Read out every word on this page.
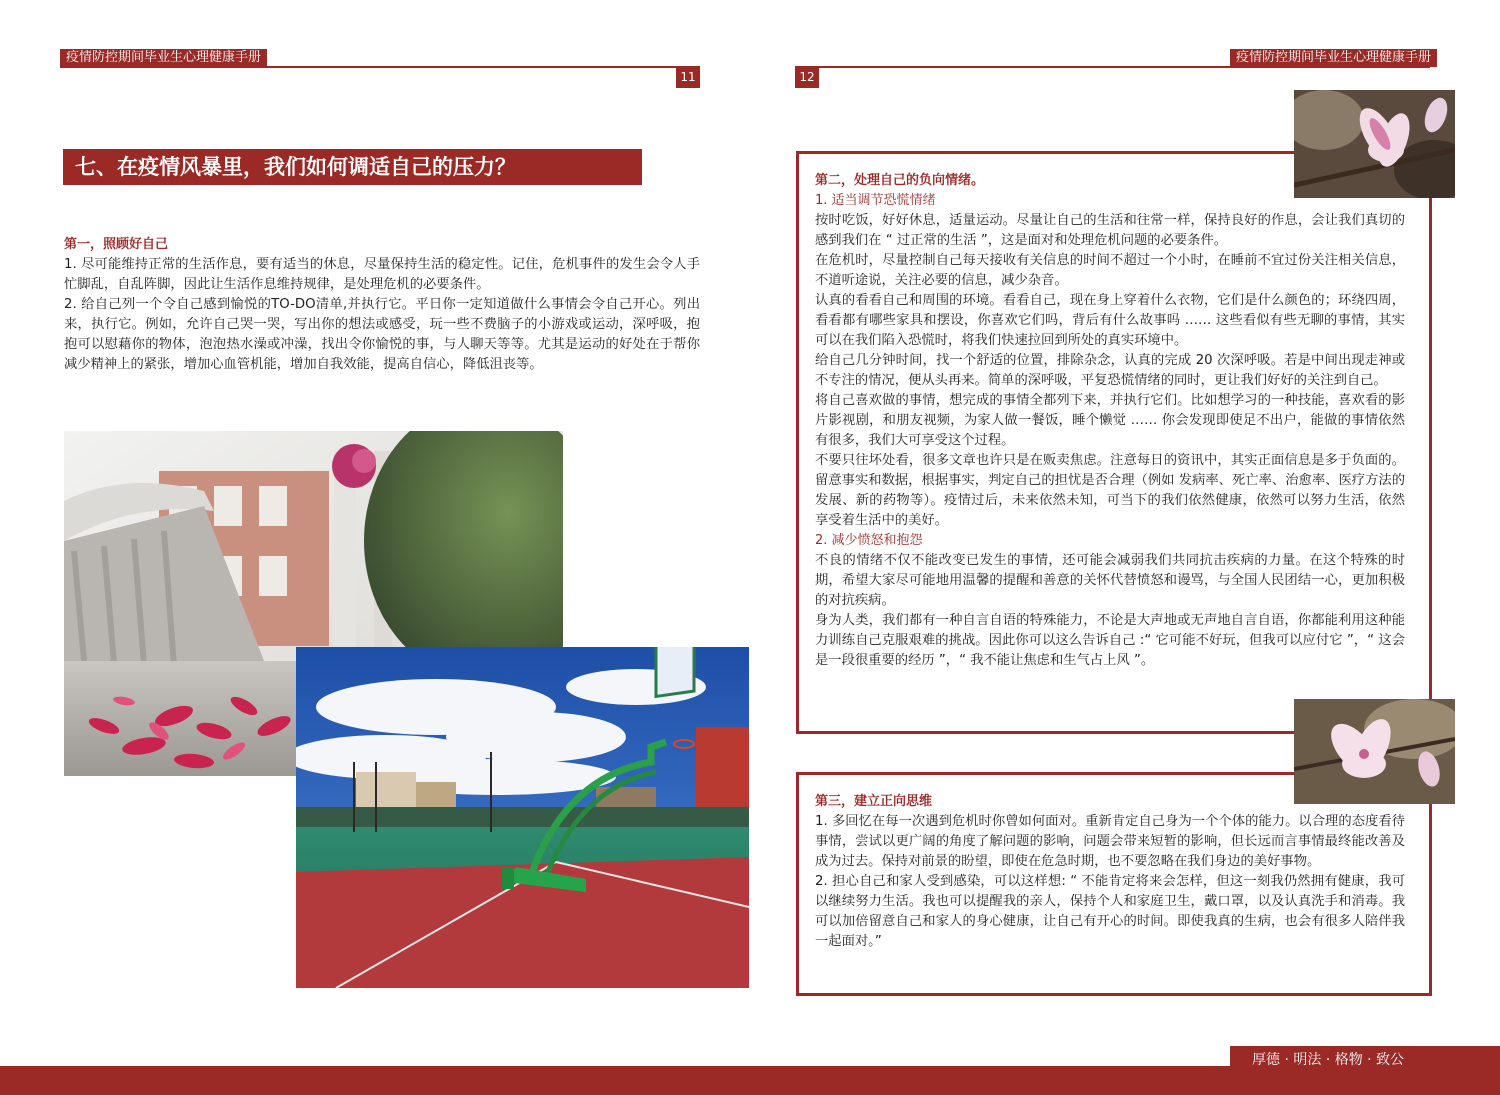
疫情防控期间毕业生心理健康手册
11
七、在疫情风暴里，我们如何调适自己的压力？
第一，照顾好自己

1. 尽可能维持正常的生活作息，要有适当的休息，尽量保持生活的稳定性。记住，危机事件的发生会令人手忙脚乱，自乱阵脚，因此让生活作息维持规律，是处理危机的必要条件。

2. 给自己列一个令自己感到愉悦的TO-DO清单,并执行它。平日你一定知道做什么事情会令自己开心。列出来，执行它。例如，允许自己哭一哭，写出你的想法或感受，玩一些不费脑子的小游戏或运动，深呼吸，抱抱可以慰藉你的物体，泡泡热水澡或冲澡，找出令你愉悦的事，与人聊天等等。尤其是运动的好处在于帮你减少精神上的紧张，增加心血管机能，增加自我效能，提高自信心，降低沮丧等。

疫情防控期间毕业生心理健康手册
12
第二，处理自己的负向情绪。
1. 适当调节恐慌情绪

按时吃饭，好好休息，适量运动。尽量让自己的生活和往常一样，保持良好的作息，会让我们真切的感到我们在 “ 过正常的生活 ”，这是面对和处理危机问题的必要条件。

在危机时，尽量控制自己每天接收有关信息的时间不超过一个小时，在睡前不宜过份关注相关信息，不道听途说，关注必要的信息，减少杂音。

认真的看看自己和周围的环境。看看自己，现在身上穿着什么衣物，它们是什么颜色的；环绕四周，看看都有哪些家具和摆设，你喜欢它们吗，背后有什么故事吗 …… 这些看似有些无聊的事情，其实可以在我们陷入恐慌时，将我们快速拉回到所处的真实环境中。

给自己几分钟时间，找一个舒适的位置，排除杂念，认真的完成 20 次深呼吸。若是中间出现走神或不专注的情况，便从头再来。简单的深呼吸，平复恐慌情绪的同时，更让我们好好的关注到自己。

将自己喜欢做的事情，想完成的事情全都列下来，并执行它们。比如想学习的一种技能，喜欢看的影片影视剧，和朋友视频，为家人做一餐饭，睡个懒觉 …… 你会发现即使足不出户，能做的事情依然有很多，我们大可享受这个过程。

不要只往坏处看，很多文章也许只是在贩卖焦虑。注意每日的资讯中，其实正面信息是多于负面的。留意事实和数据，根据事实，判定自己的担忧是否合理（例如 发病率、死亡率、治愈率、医疗方法的发展、新的药物等）。疫情过后，未来依然未知，可当下的我们依然健康，依然可以努力生活，依然享受着生活中的美好。

2. 减少愤怒和抱怨

不良的情绪不仅不能改变已发生的事情，还可能会减弱我们共同抗击疾病的力量。在这个特殊的时期，希望大家尽可能地用温馨的提醒和善意的关怀代替愤怒和谩骂，与全国人民团结一心，更加积极的对抗疾病。

身为人类，我们都有一种自言自语的特殊能力，不论是大声地或无声地自言自语，你都能利用这种能力训练自己克服艰难的挑战。因此你可以这么告诉自己 :“ 它可能不好玩，但我可以应付它 ”，“ 这会是一段很重要的经历 ”，“ 我不能让焦虑和生气占上风 ”。

第三，建立正向思维

1. 多回忆在每一次遇到危机时你曾如何面对。重新肯定自己身为一个个体的能力。以合理的态度看待事情，尝试以更广阔的角度了解问题的影响，问题会带来短暂的影响，但长远而言事情最终能改善及成为过去。保持对前景的盼望，即使在危急时期，也不要忽略在我们身边的美好事物。

2. 担心自己和家人受到感染，可以这样想: “ 不能肯定将来会怎样，但这一刻我仍然拥有健康，我可以继续努力生活。我也可以提醒我的亲人，保持个人和家庭卫生，戴口罩，以及认真洗手和消毒。我可以加倍留意自己和家人的身心健康，让自己有开心的时间。即使我真的生病，也会有很多人陪伴我一起面对。”

厚德 · 明法 · 格物 · 致公
